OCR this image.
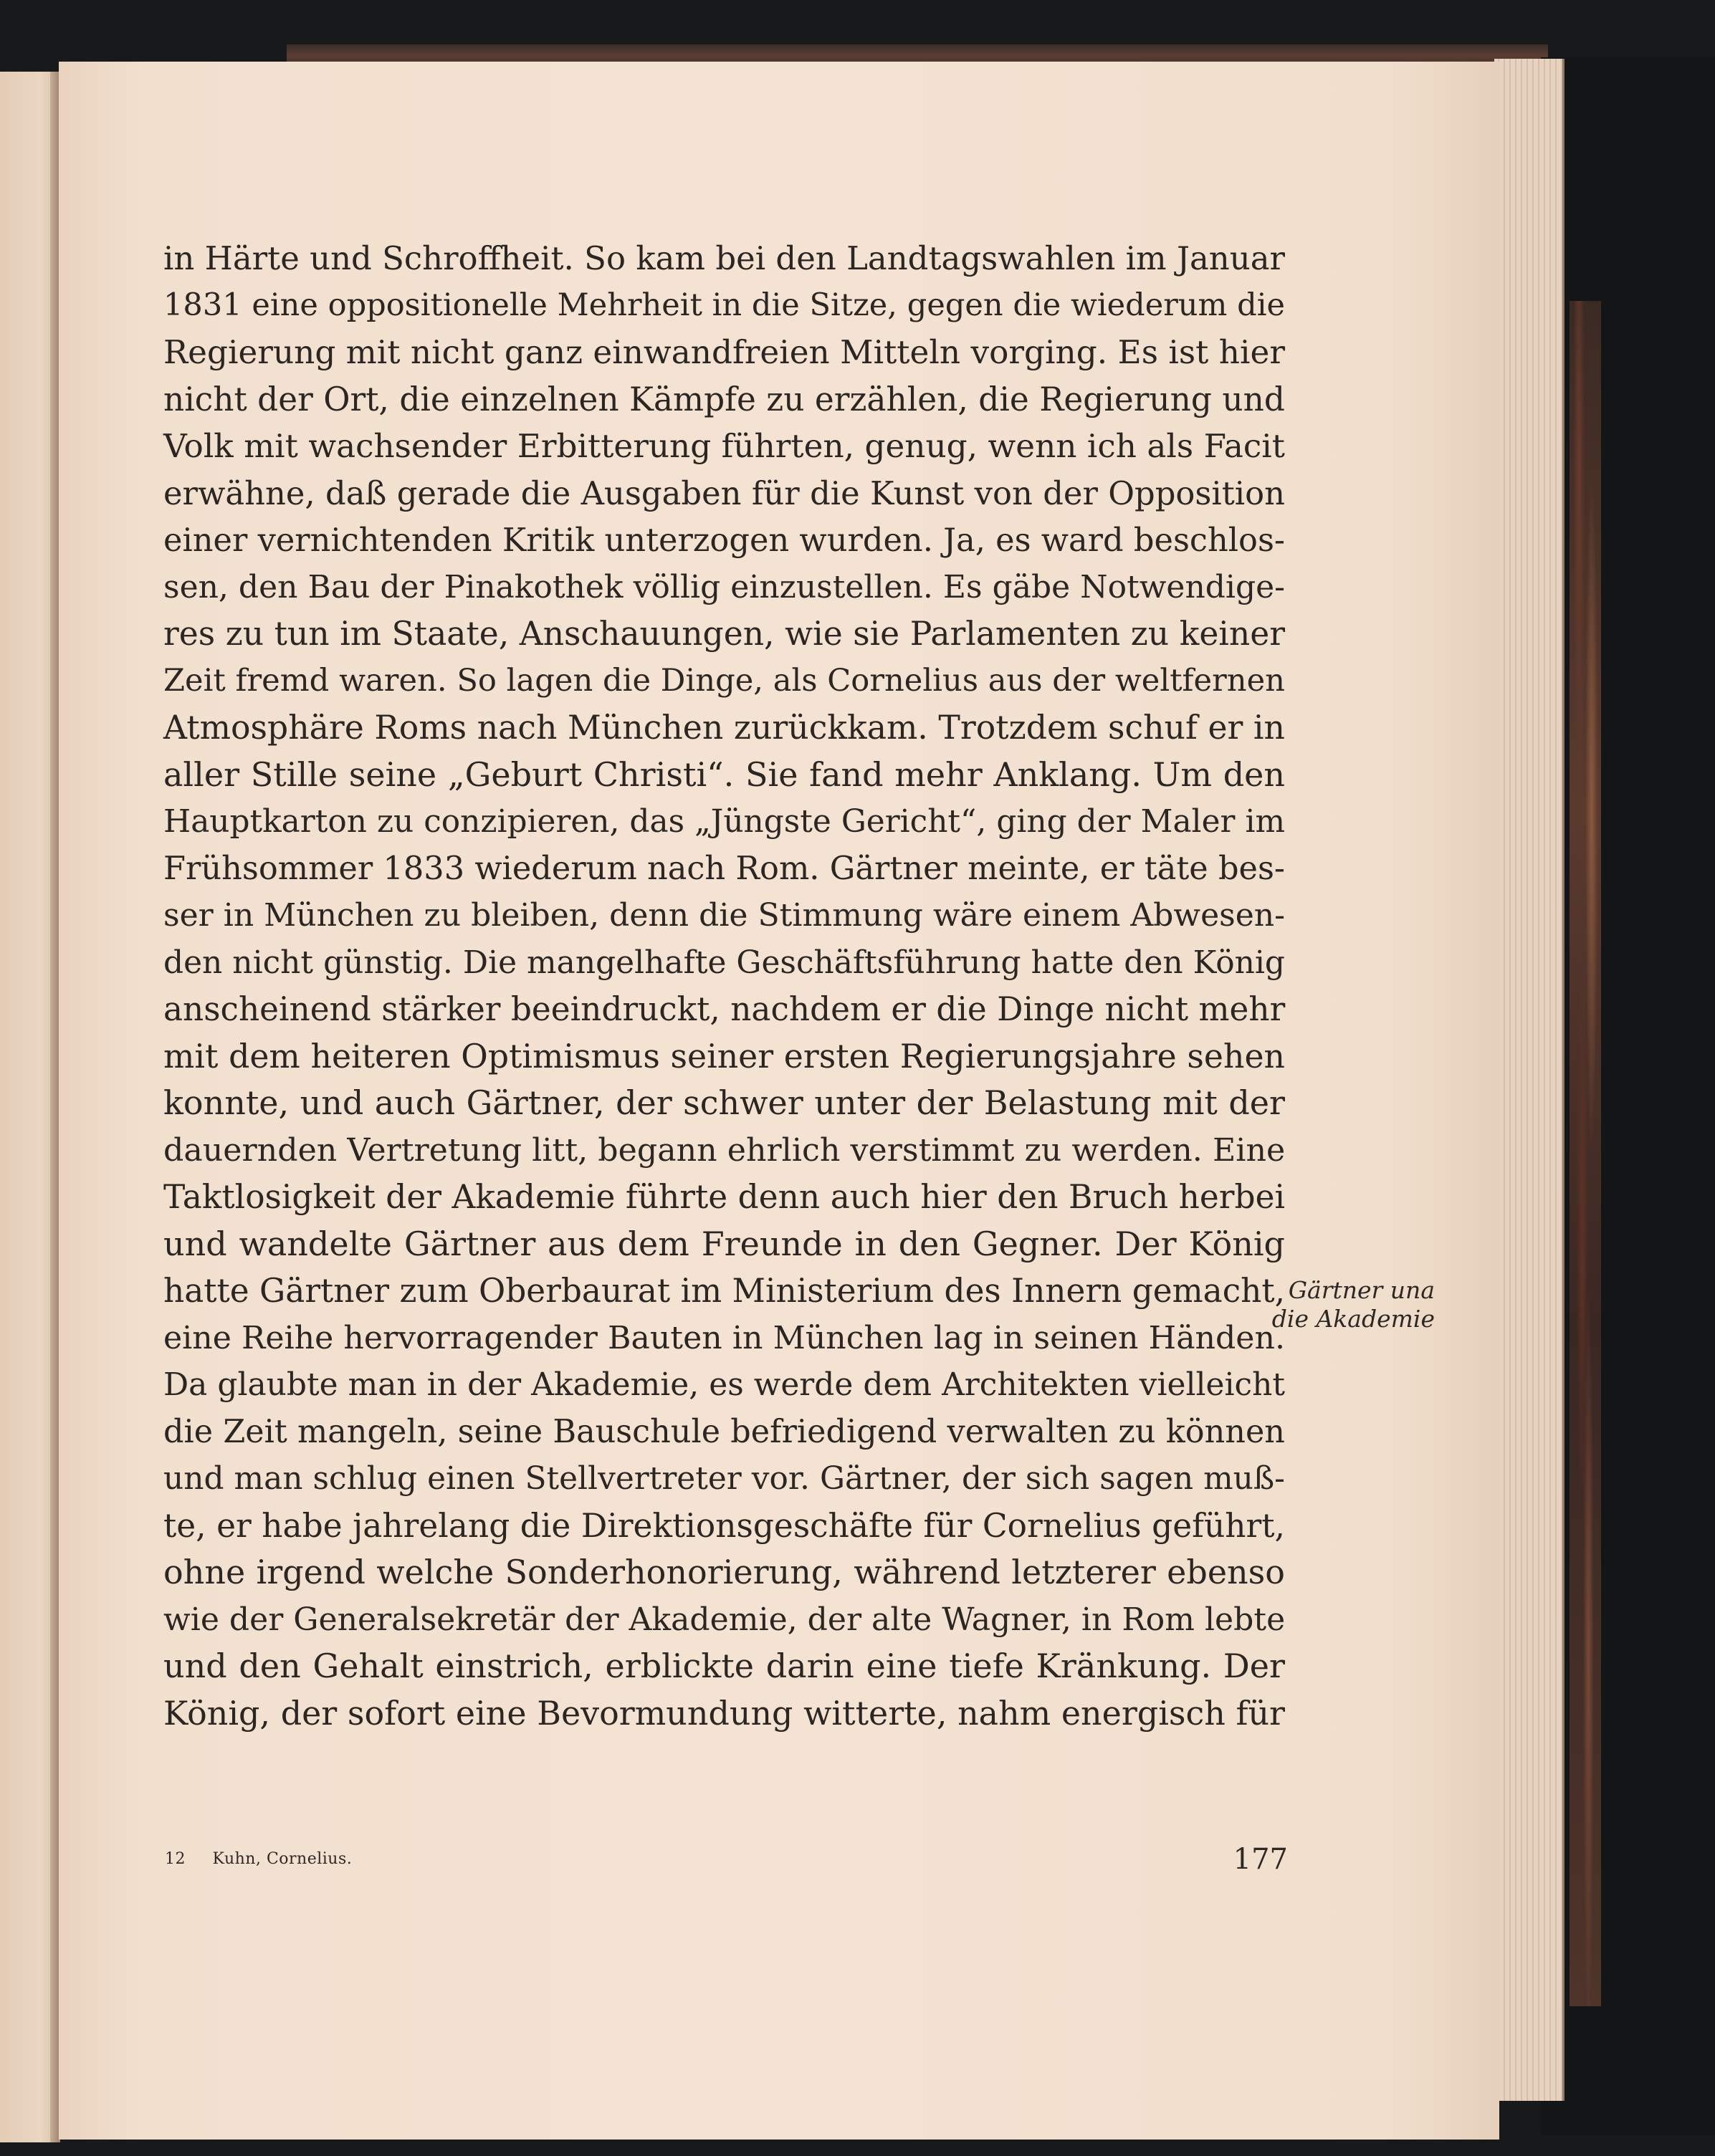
in Härte und Schroffheit. So kam bei den Landtagswahlen im Januar
1831 eine oppositionelle Mehrheit in die Sitze, gegen die wiederum die
Regierung mit nicht ganz einwandfreien Mitteln vorging. Es ist hier
nicht der Ort, die einzelnen Kämpfe zu erzählen, die Regierung und
Volk mit wachsender Erbitterung führten, genug, wenn ich als Facit
erwähne, daß gerade die Ausgaben für die Kunst von der Opposition
einer vernichtenden Kritik unterzogen wurden. Ja, es ward beschlos-
sen, den Bau der Pinakothek völlig einzustellen. Es gäbe Notwendige-
res zu tun im Staate, Anschauungen, wie sie Parlamenten zu keiner
Zeit fremd waren. So lagen die Dinge, als Cornelius aus der weltfernen
Atmosphäre Roms nach München zurückkam. Trotzdem schuf er in
aller Stille seine „Geburt Christi“. Sie fand mehr Anklang. Um den
Hauptkarton zu conzipieren, das „Jüngste Gericht“, ging der Maler im
Frühsommer 1833 wiederum nach Rom. Gärtner meinte, er täte bes-
ser in München zu bleiben, denn die Stimmung wäre einem Abwesen-
den nicht günstig. Die mangelhafte Geschäftsführung hatte den König
anscheinend stärker beeindruckt, nachdem er die Dinge nicht mehr
mit dem heiteren Optimismus seiner ersten Regierungsjahre sehen
konnte, und auch Gärtner, der schwer unter der Belastung mit der
dauernden Vertretung litt, begann ehrlich verstimmt zu werden. Eine
Taktlosigkeit der Akademie führte denn auch hier den Bruch herbei
und wandelte Gärtner aus dem Freunde in den Gegner. Der König
hatte Gärtner zum Oberbaurat im Ministerium des Innern gemacht,
eine Reihe hervorragender Bauten in München lag in seinen Händen.
Da glaubte man in der Akademie, es werde dem Architekten vielleicht
die Zeit mangeln, seine Bauschule befriedigend verwalten zu können
und man schlug einen Stellvertreter vor. Gärtner, der sich sagen muß-
te, er habe jahrelang die Direktionsgeschäfte für Cornelius geführt,
ohne irgend welche Sonderhonorierung, während letzterer ebenso
wie der Generalsekretär der Akademie, der alte Wagner, in Rom lebte
und den Gehalt einstrich, erblickte darin eine tiefe Kränkung. Der
König, der sofort eine Bevormundung witterte, nahm energisch für
Gärtner una
die Akademie
12 Kuhn, Cornelius.	177
